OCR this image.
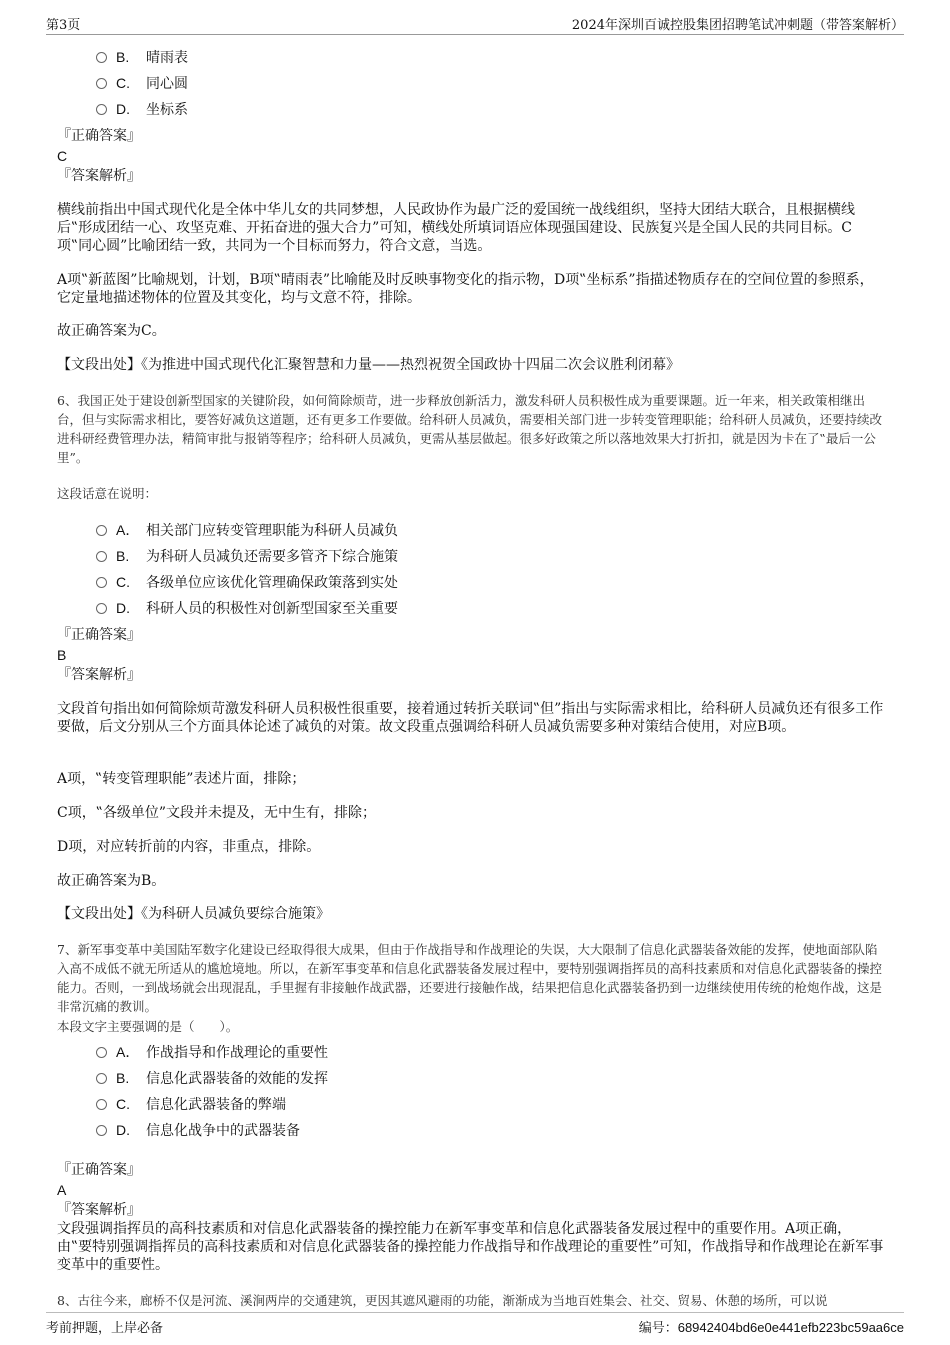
第3页	2024年深圳百诚控股集团招聘笔试冲刺题（带答案解析）
B. 晴雨表
C. 同心圆
D. 坐标系
『正确答案』
C
『答案解析』
横线前指出中国式现代化是全体中华儿女的共同梦想，人民政协作为最广泛的爱国统一战线组织，坚持大团结大联合，且根据横线后‟形成团结一心、攻坚克难、开拓奋进的强大合力”可知，横线处所填词语应体现强国建设、民族复兴是全国人民的共同目标。C项‟同心圆”比喻团结一致，共同为一个目标而努力，符合文意，当选。
A项‟新蓝图”比喻规划，计划，B项‟晴雨表”比喻能及时反映事物变化的指示物，D项‟坐标系”指描述物质存在的空间位置的参照系，它定量地描述物体的位置及其变化，均与文意不符，排除。
故正确答案为C。
【文段出处】《为推进中国式现代化汇聚智慧和力量——热烈祝贺全国政协十四届二次会议胜利闭幕》
6、我国正处于建设创新型国家的关键阶段，如何简除烦苛，进一步释放创新活力，激发科研人员积极性成为重要课题。近一年来，相关政策相继出台，但与实际需求相比，要答好减负这道题，还有更多工作要做。给科研人员减负，需要相关部门进一步转变管理职能；给科研人员减负，还要持续改进科研经费管理办法，精简审批与报销等程序；给科研人员减负，更需从基层做起。很多好政策之所以落地效果大打折扣，就是因为卡在了‟最后一公里”。
这段话意在说明：
A． 相关部门应转变管理职能为科研人员减负
B. 为科研人员减负还需要多管齐下综合施策
C. 各级单位应该优化管理确保政策落到实处
D. 科研人员的积极性对创新型国家至关重要
『正确答案』
B
『答案解析』
文段首句指出如何简除烦苛激发科研人员积极性很重要，接着通过转折关联词‟但”指出与实际需求相比，给科研人员减负还有很多工作要做，后文分别从三个方面具体论述了减负的对策。故文段重点强调给科研人员减负需要多种对策结合使用，对应B项。
A项，‟转变管理职能”表述片面，排除；
C项，‟各级单位”文段并未提及，无中生有，排除；
D项，对应转折前的内容，非重点，排除。
故正确答案为B。
【文段出处】《为科研人员减负要综合施策》
7、新军事变革中美国陆军数字化建设已经取得很大成果，但由于作战指导和作战理论的失误，大大限制了信息化武器装备效能的发挥，使地面部队陷入高不成低不就无所适从的尴尬境地。所以，在新军事变革和信息化武器装备发展过程中，要特别强调指挥员的高科技素质和对信息化武器装备的操控能力。否则，一到战场就会出现混乱，手里握有非接触作战武器，还要进行接触作战，结果把信息化武器装备扔到一边继续使用传统的枪炮作战，这是非常沉痛的教训。
本段文字主要强调的是（　　）。
A． 作战指导和作战理论的重要性
B. 信息化武器装备的效能的发挥
C. 信息化武器装备的弊端
D. 信息化战争中的武器装备
『正确答案』
A
『答案解析』
文段强调指挥员的高科技素质和对信息化武器装备的操控能力在新军事变革和信息化武器装备发展过程中的重要作用。A项正确，由‟要特别强调指挥员的高科技素质和对信息化武器装备的操控能力作战指导和作战理论的重要性”可知，作战指导和作战理论在新军事变革中的重要性。
8、古往今来，廊桥不仅是河流、溪涧两岸的交通建筑，更因其遮风避雨的功能，渐渐成为当地百姓集会、社交、贸易、休憩的场所，可以说
考前押题，上岸必备	编号：68942404bd6e0e441efb223bc59aa6ce
